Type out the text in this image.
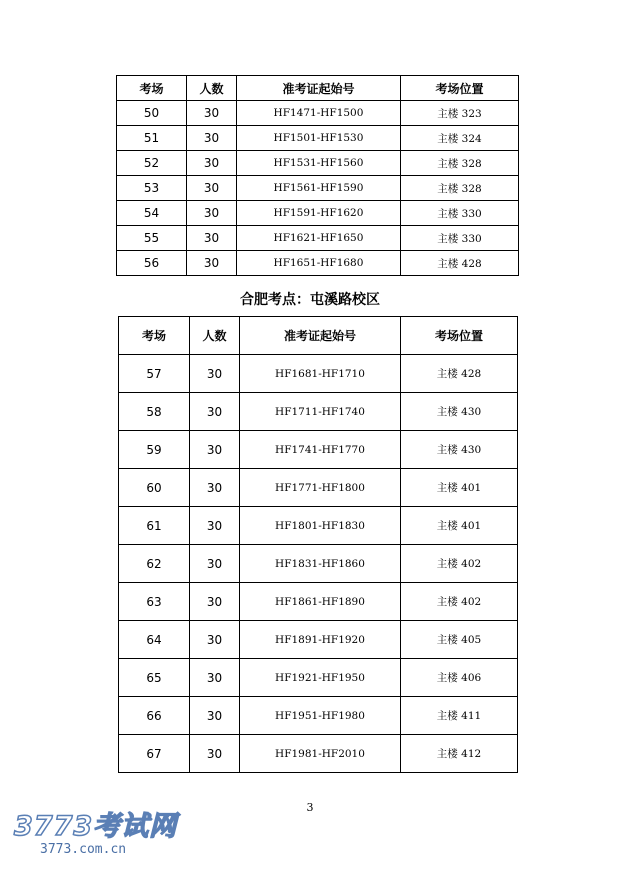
考场	人数	准考证起始号	考场位置
50	30	HF1471-HF1500	主楼 323
51	30	HF1501-HF1530	主楼 324
52	30	HF1531-HF1560	主楼 328
53	30	HF1561-HF1590	主楼 328
54	30	HF1591-HF1620	主楼 330
55	30	HF1621-HF1650	主楼 330
56	30	HF1651-HF1680	主楼 428
合肥考点：屯溪路校区
考场	人数	准考证起始号	考场位置
57	30	HF1681-HF1710	主楼 428
58	30	HF1711-HF1740	主楼 430
59	30	HF1741-HF1770	主楼 430
60	30	HF1771-HF1800	主楼 401
61	30	HF1801-HF1830	主楼 401
62	30	HF1831-HF1860	主楼 402
63	30	HF1861-HF1890	主楼 402
64	30	HF1891-HF1920	主楼 405
65	30	HF1921-HF1950	主楼 406
66	30	HF1951-HF1980	主楼 411
67	30	HF1981-HF2010	主楼 412
3
3773考试网
3773.com.cn
